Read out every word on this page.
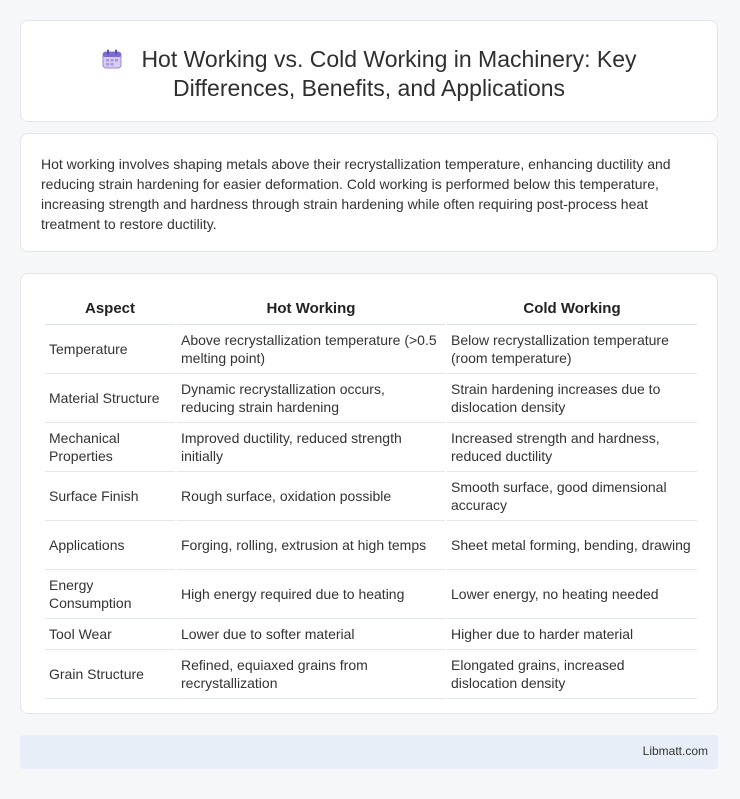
Hot Working vs. Cold Working in Machinery: Key
Differences, Benefits, and Applications
Hot working involves shaping metals above their recrystallization temperature, enhancing ductility and reducing strain hardening for easier deformation. Cold working is performed below this temperature, increasing strength and hardness through strain hardening while often requiring post-process heat treatment to restore ductility.
Aspect	Hot Working	Cold Working
Temperature	Above recrystallization temperature (>0.5 melting point)	Below recrystallization temperature (room temperature)
Material Structure	Dynamic recrystallization occurs, reducing strain hardening	Strain hardening increases due to dislocation density
Mechanical Properties	Improved ductility, reduced strength initially	Increased strength and hardness, reduced ductility
Surface Finish	Rough surface, oxidation possible	Smooth surface, good dimensional accuracy
Applications	Forging, rolling, extrusion at high temps	Sheet metal forming, bending, drawing
Energy Consumption	High energy required due to heating	Lower energy, no heating needed
Tool Wear	Lower due to softer material	Higher due to harder material
Grain Structure	Refined, equiaxed grains from recrystallization	Elongated grains, increased dislocation density
Libmatt.com
